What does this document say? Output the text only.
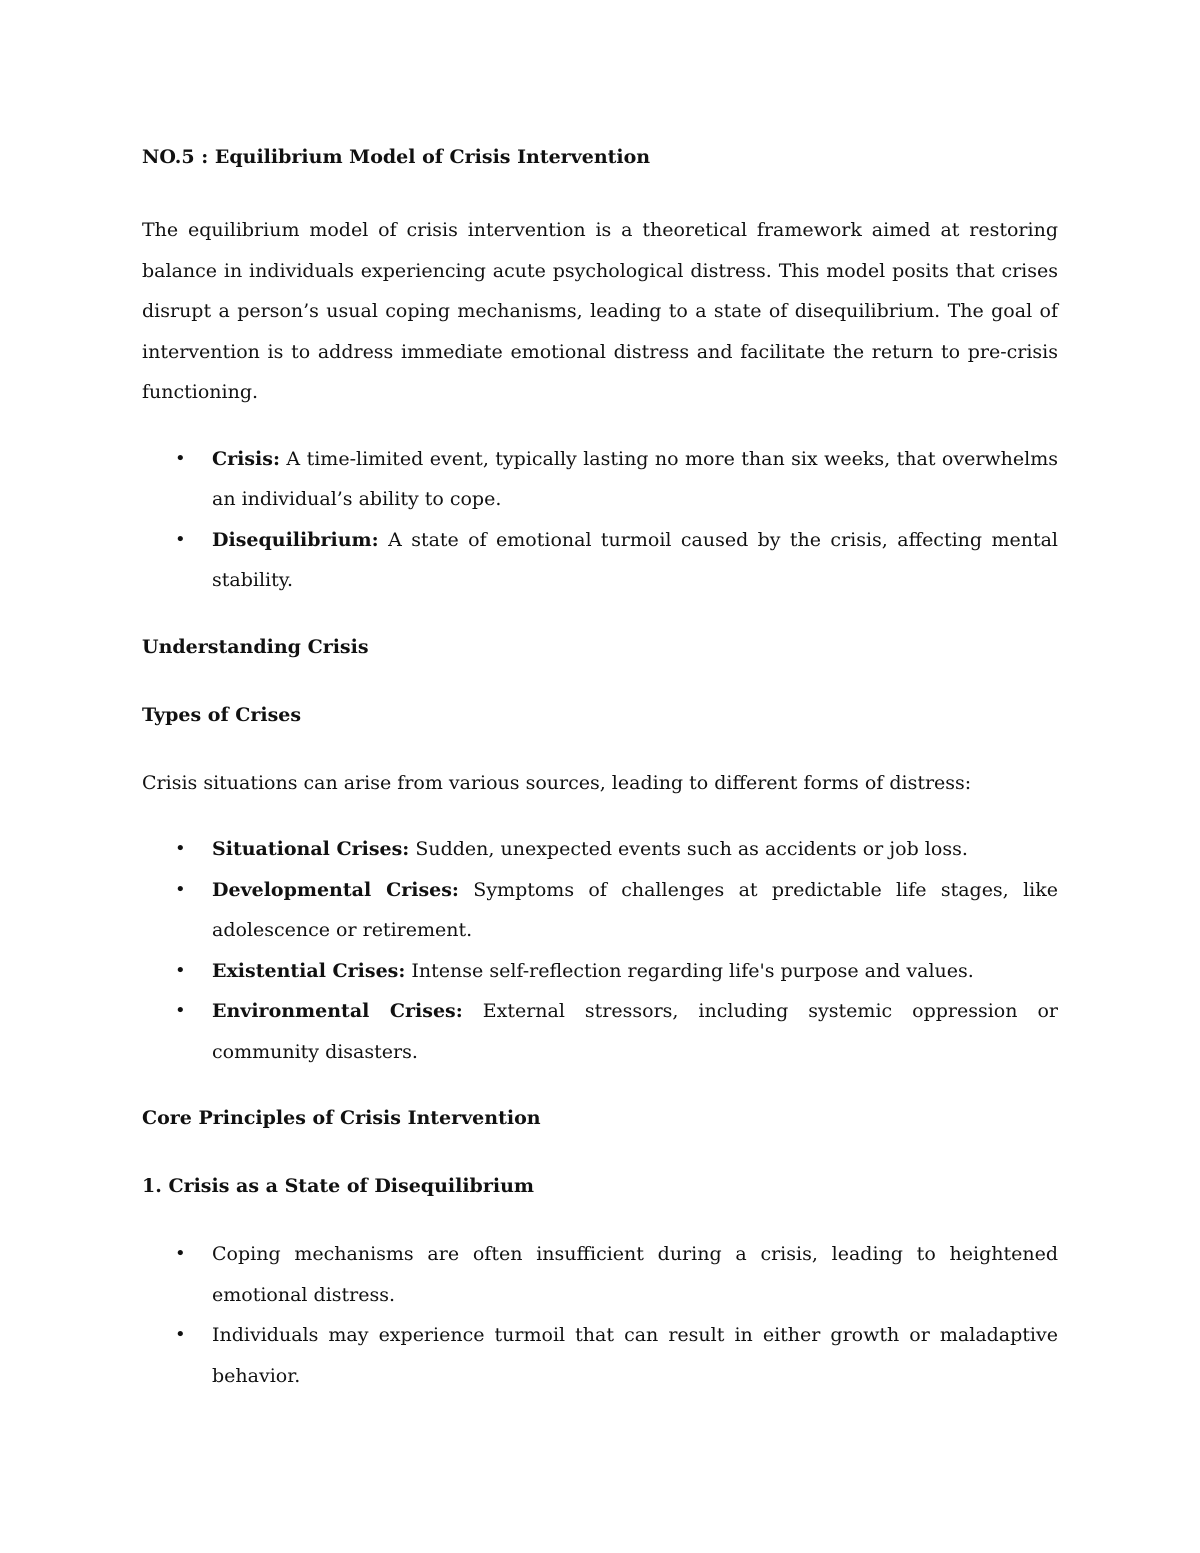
NO.5 : Equilibrium Model of Crisis Intervention

The equilibrium model of crisis intervention is a theoretical framework aimed at restoring balance in individuals experiencing acute psychological distress. This model posits that crises disrupt a person’s usual coping mechanisms, leading to a state of disequilibrium. The goal of intervention is to address immediate emotional distress and facilitate the return to pre-crisis functioning.

• Crisis: A time-limited event, typically lasting no more than six weeks, that overwhelms an individual’s ability to cope.
• Disequilibrium: A state of emotional turmoil caused by the crisis, affecting mental stability.
Understanding Crisis
Types of Crises

Crisis situations can arise from various sources, leading to different forms of distress:

• Situational Crises: Sudden, unexpected events such as accidents or job loss.
• Developmental Crises: Symptoms of challenges at predictable life stages, like adolescence or retirement.
• Existential Crises: Intense self-reflection regarding life's purpose and values.
• Environmental Crises: External stressors, including systemic oppression or community disasters.
Core Principles of Crisis Intervention
1. Crisis as a State of Disequilibrium
• Coping mechanisms are often insufficient during a crisis, leading to heightened emotional distress.
• Individuals may experience turmoil that can result in either growth or maladaptive behavior.
